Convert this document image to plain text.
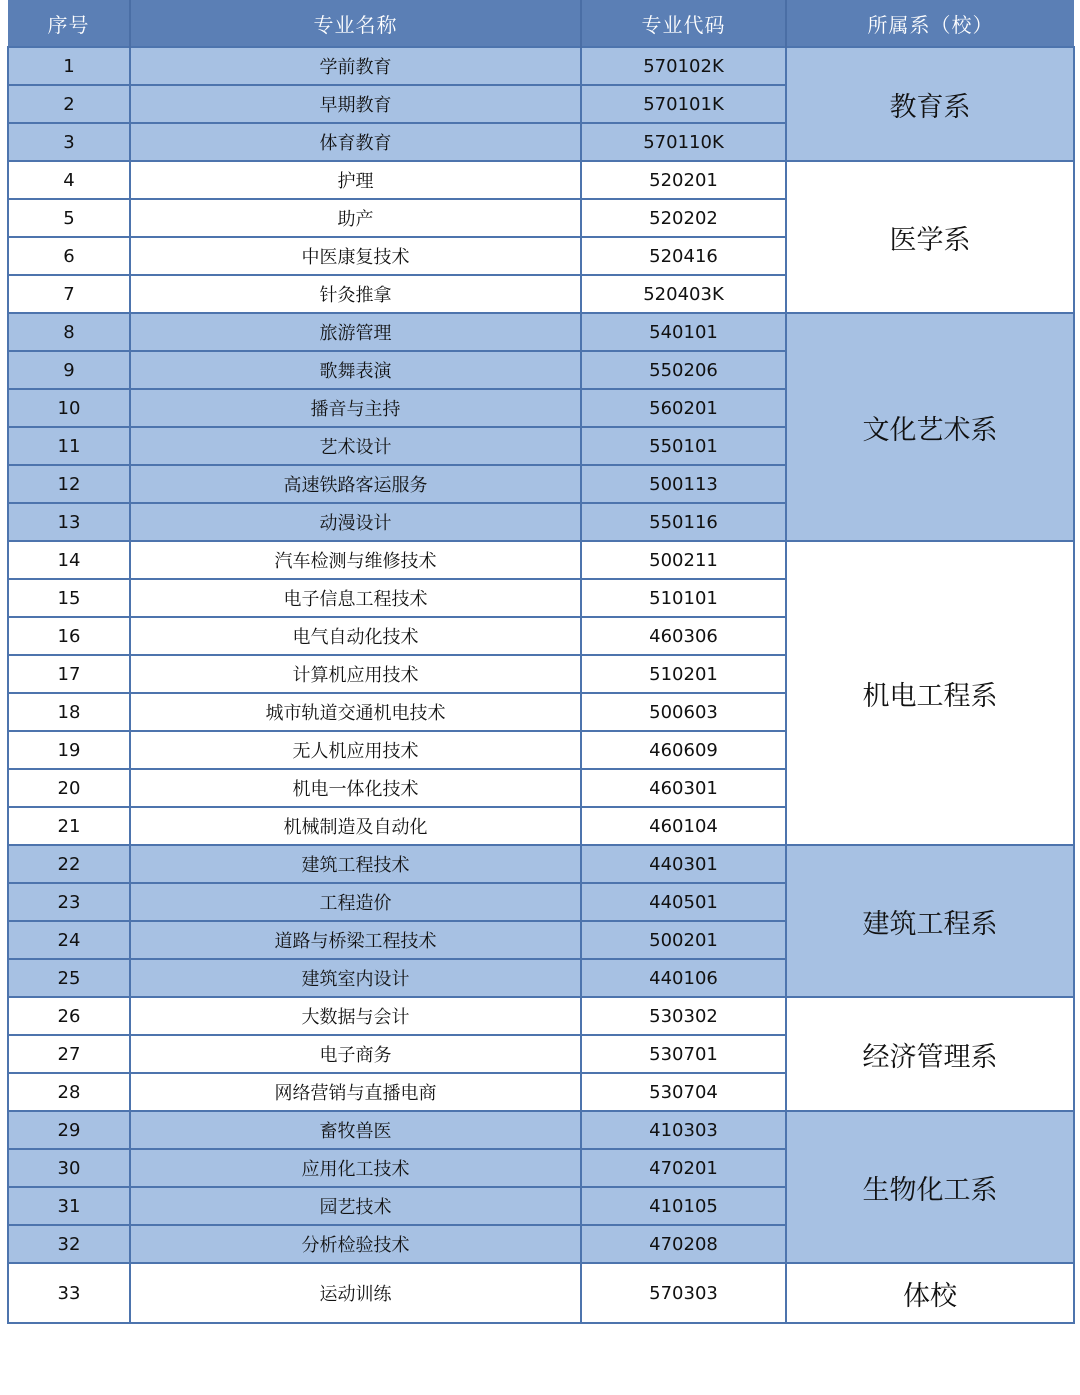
序号	专业名称	专业代码	所属系（校）
1	学前教育	570102K	教育系
2	早期教育	570101K	
3	体育教育	570110K	
4	护理	520201	医学系
5	助产	520202	
6	中医康复技术	520416	
7	针灸推拿	520403K	
8	旅游管理	540101	文化艺术系
9	歌舞表演	550206	
10	播音与主持	560201	
11	艺术设计	550101	
12	高速铁路客运服务	500113	
13	动漫设计	550116	
14	汽车检测与维修技术	500211	机电工程系
15	电子信息工程技术	510101	
16	电气自动化技术	460306	
17	计算机应用技术	510201	
18	城市轨道交通机电技术	500603	
19	无人机应用技术	460609	
20	机电一体化技术	460301	
21	机械制造及自动化	460104	
22	建筑工程技术	440301	建筑工程系
23	工程造价	440501	
24	道路与桥梁工程技术	500201	
25	建筑室内设计	440106	
26	大数据与会计	530302	经济管理系
27	电子商务	530701	
28	网络营销与直播电商	530704	
29	畜牧兽医	410303	生物化工系
30	应用化工技术	470201	
31	园艺技术	410105	
32	分析检验技术	470208	
33	运动训练	570303	体校
